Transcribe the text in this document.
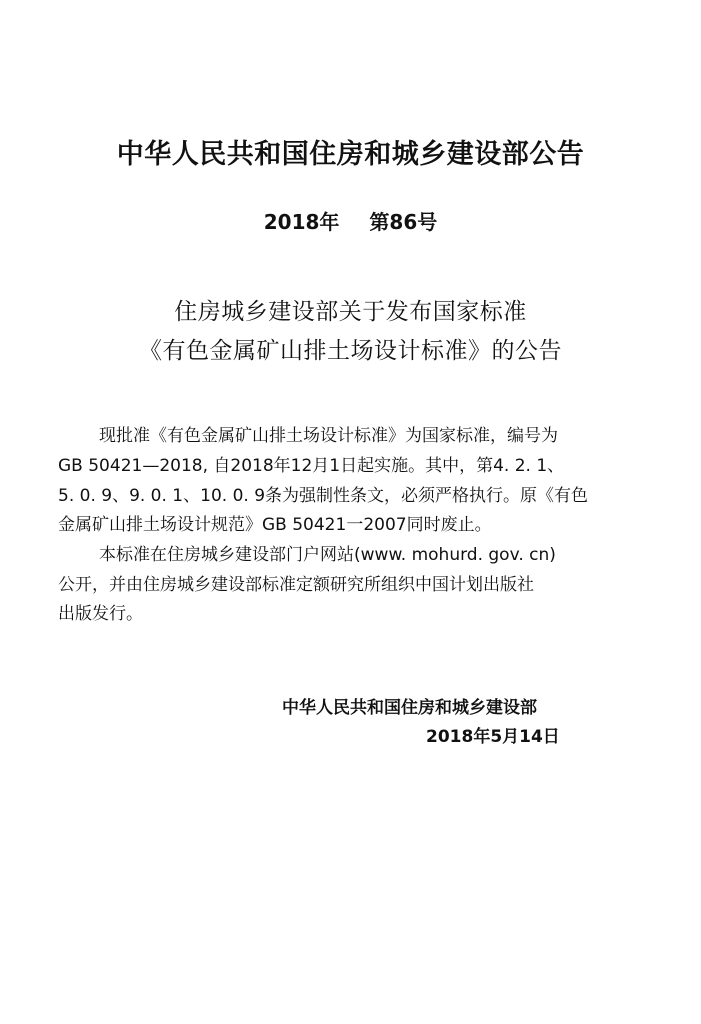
中华人民共和国住房和城乡建设部公告
2018年 第86号
住房城乡建设部关于发布国家标准
《有色金属矿山排土场设计标准》的公告
现批准《有色金属矿山排土场设计标准》为国家标准，编号为
GB 50421—2018, 自2018年12月1日起实施。其中，第4. 2. 1、
5. 0. 9、9. 0. 1、10. 0. 9条为强制性条文，必须严格执行。原《有色
金属矿山排土场设计规范》GB 50421一2007同时废止。
本标准在住房城乡建设部门户网站(www. mohurd. gov. cn)
公开，并由住房城乡建设部标准定额研究所组织中国计划出版社
出版发行。
中华人民共和国住房和城乡建设部
2018年5月14日
